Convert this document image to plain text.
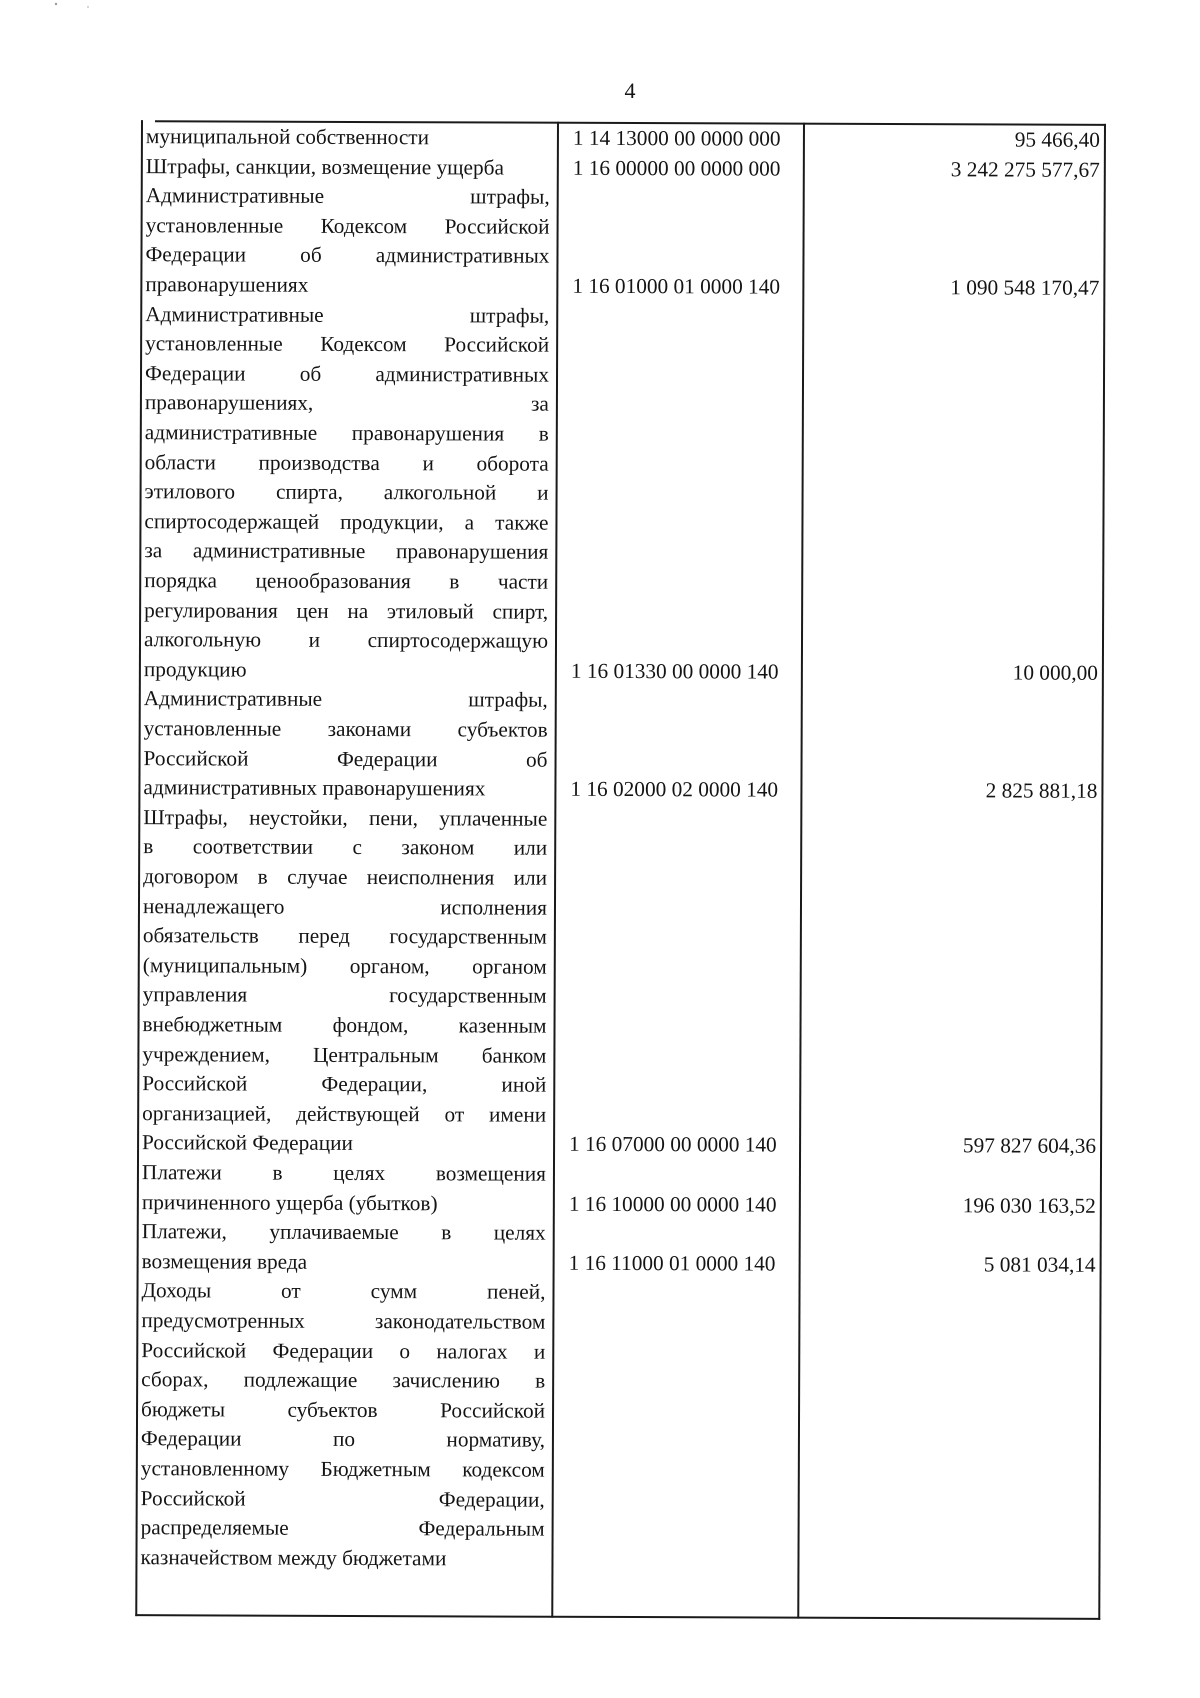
4
муниципальной собственности	1 14 13000 00 0000 000	95 466,40
Штрафы, санкции, возмещение ущерба	1 16 00000 00 0000 000	3 242 275 577,67
Административные штрафы,
установленные Кодексом Российской
Федерации об административных
правонарушениях	1 16 01000 01 0000 140	1 090 548 170,47
Административные штрафы,
установленные Кодексом Российской
Федерации об административных
правонарушениях, за
административные правонарушения в
области производства и оборота
этилового спирта, алкогольной и
спиртосодержащей продукции, а также
за административные правонарушения
порядка ценообразования в части
регулирования цен на этиловый спирт,
алкогольную и спиртосодержащую
продукцию	1 16 01330 00 0000 140	10 000,00
Административные штрафы,
установленные законами субъектов
Российской Федерации об
административных правонарушениях	1 16 02000 02 0000 140	2 825 881,18
Штрафы, неустойки, пени, уплаченные
в соответствии с законом или
договором в случае неисполнения или
ненадлежащего исполнения
обязательств перед государственным
(муниципальным) органом, органом
управления государственным
внебюджетным фондом, казенным
учреждением, Центральным банком
Российской Федерации, иной
организацией, действующей от имени
Российской Федерации	1 16 07000 00 0000 140	597 827 604,36
Платежи в целях возмещения
причиненного ущерба (убытков)	1 16 10000 00 0000 140	196 030 163,52
Платежи, уплачиваемые в целях
возмещения вреда	1 16 11000 01 0000 140	5 081 034,14
Доходы от сумм пеней,
предусмотренных законодательством
Российской Федерации о налогах и
сборах, подлежащие зачислению в
бюджеты субъектов Российской
Федерации по нормативу,
установленному Бюджетным кодексом
Российской Федерации,
распределяемые Федеральным
казначейством между бюджетами
